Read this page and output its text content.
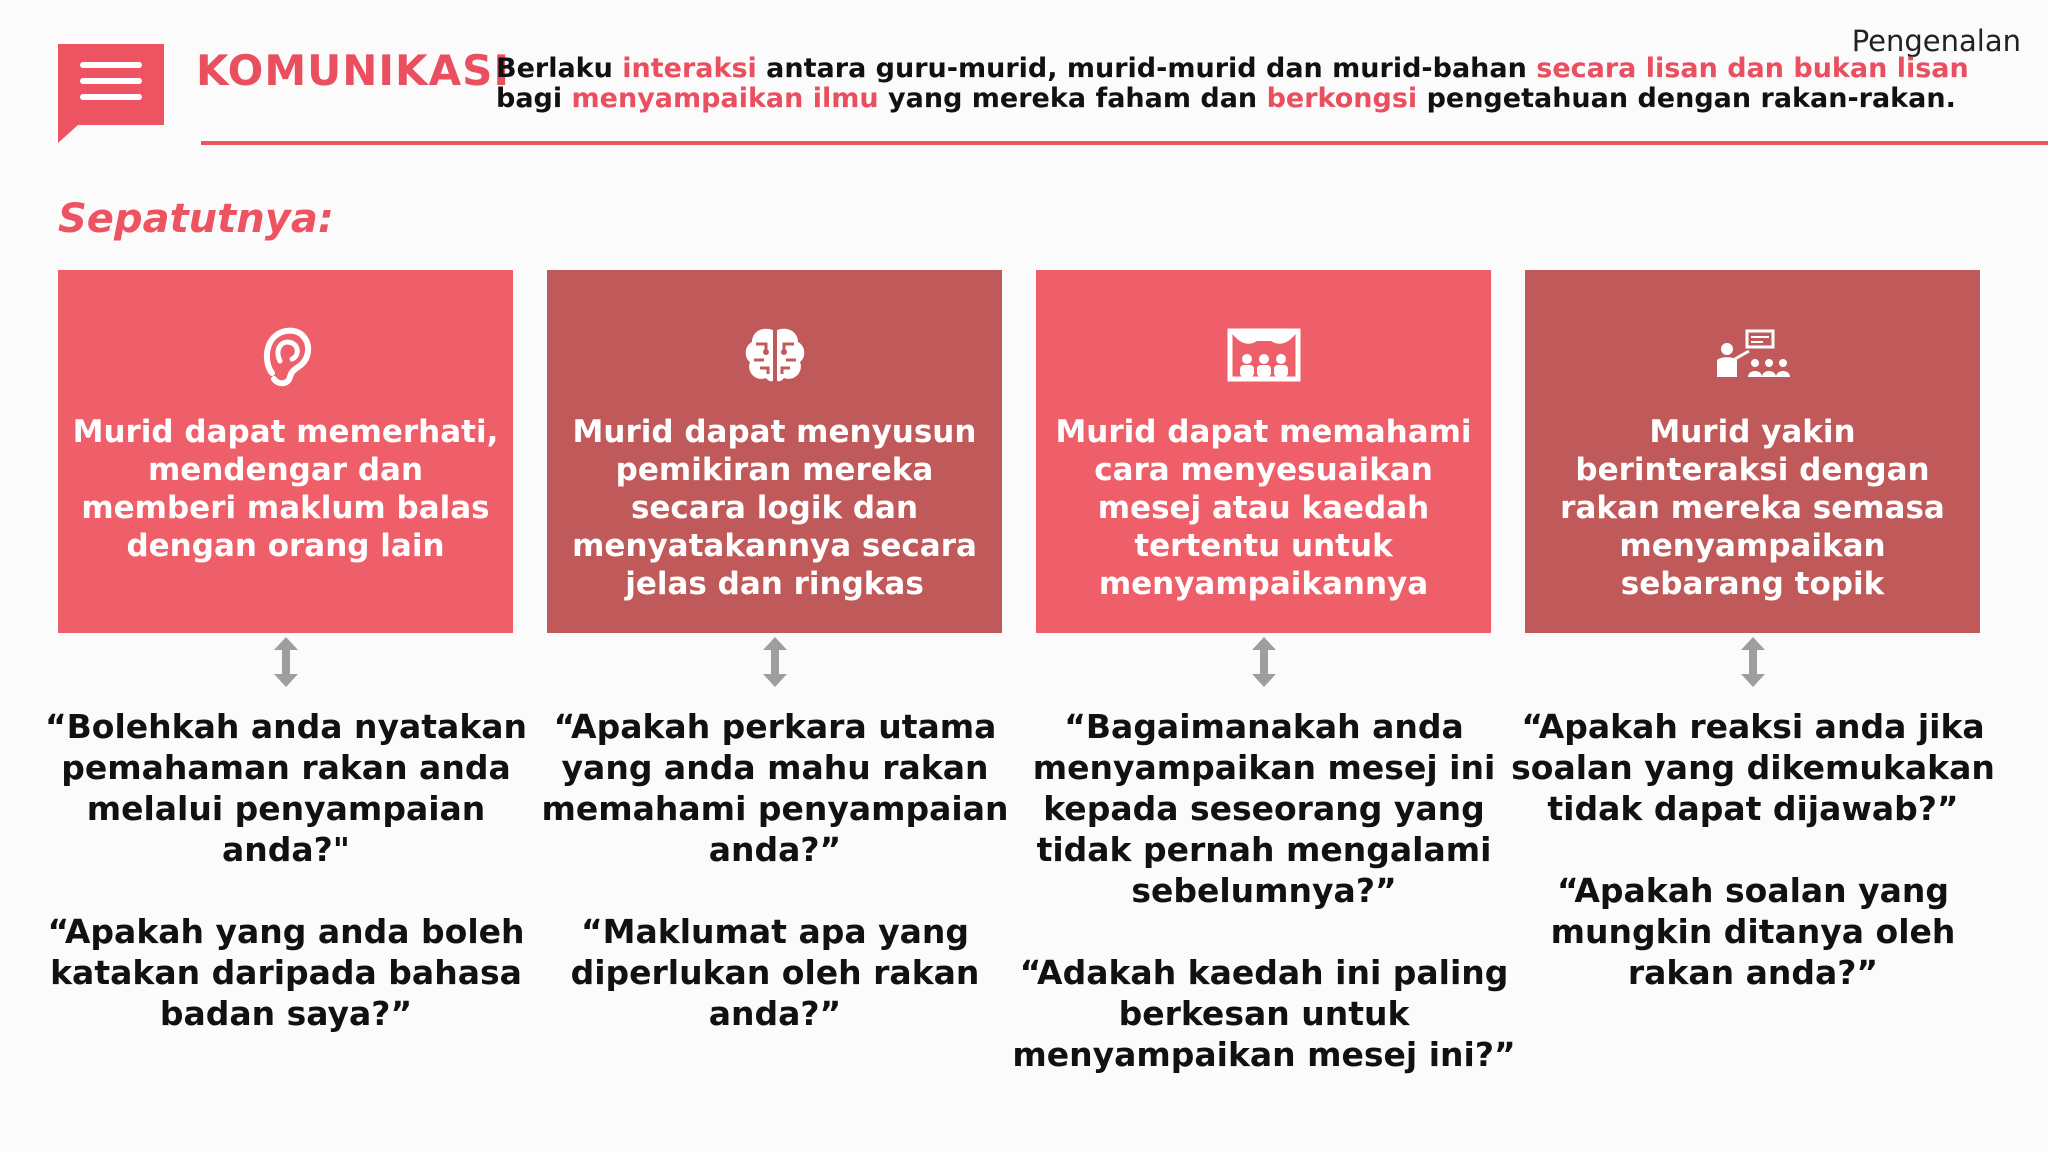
Pengenalan
KOMUNIKASI
Berlaku interaksi antara guru-murid, murid-murid dan murid-bahan secara lisan dan bukan lisan
bagi menyampaikan ilmu yang mereka faham dan berkongsi pengetahuan dengan rakan-rakan.
Sepatutnya:
Murid dapat memerhati, mendengar dan memberi maklum balas dengan orang lain
Murid dapat menyusun pemikiran mereka secara logik dan menyatakannya secara jelas dan ringkas
Murid dapat memahami cara menyesuaikan mesej atau kaedah tertentu untuk menyampaikannya
Murid yakin berinteraksi dengan rakan mereka semasa menyampaikan sebarang topik

“Bolehkah anda nyatakan pemahaman rakan anda melalui penyampaian anda?"

“Apakah yang anda boleh katakan daripada bahasa badan saya?”

“Apakah perkara utama yang anda mahu rakan memahami penyampaian anda?”

“Maklumat apa yang diperlukan oleh rakan anda?”

“Bagaimanakah anda menyampaikan mesej ini kepada seseorang yang tidak pernah mengalami sebelumnya?”

“Adakah kaedah ini paling berkesan untuk menyampaikan mesej ini?”

“Apakah reaksi anda jika soalan yang dikemukakan tidak dapat dijawab?”

“Apakah soalan yang mungkin ditanya oleh rakan anda?”
